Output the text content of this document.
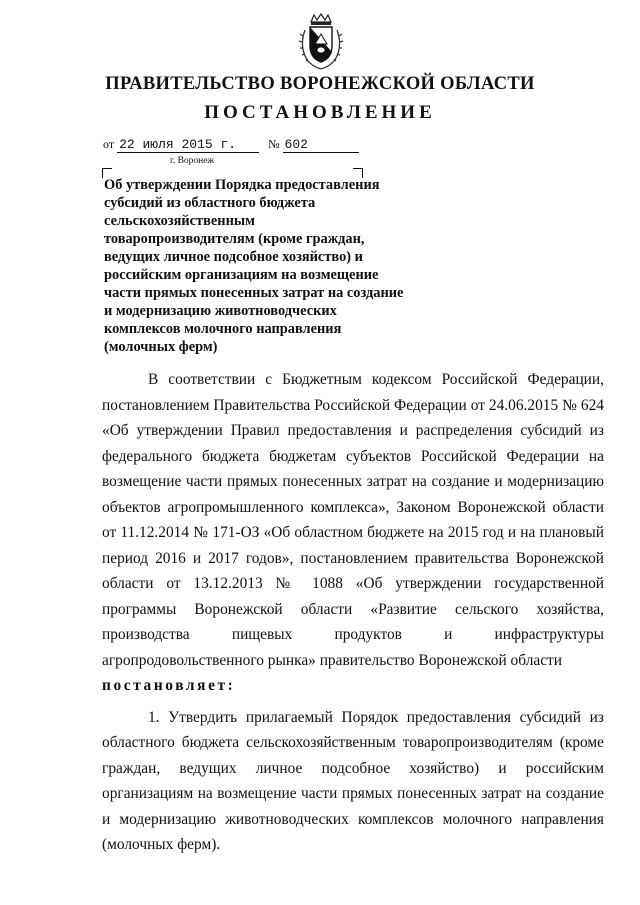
ПРАВИТЕЛЬСТВО ВОРОНЕЖСКОЙ ОБЛАСТИ
ПОСТАНОВЛЕНИЕ
от 22 июля 2015 г.	№ 602
г. Воронеж
Об утверждении Порядка предоставления субсидий из областного бюджета сельскохозяйственным товаропроизводителям (кроме граждан, ведущих личное подсобное хозяйство) и российским организациям на возмещение части прямых понесенных затрат на создание и модернизацию животноводческих комплексов молочного направления (молочных ферм)
В соответствии с Бюджетным кодексом Российской Федерации, постановлением Правительства Российской Федерации от 24.06.2015 № 624 «Об утверждении Правил предоставления и распределения субсидий из федерального бюджета бюджетам субъектов Российской Федерации на возмещение части прямых понесенных затрат на создание и модернизацию объектов агропромышленного комплекса», Законом Воронежской области от 11.12.2014 № 171-ОЗ «Об областном бюджете на 2015 год и на плановый период 2016 и 2017 годов», постановлением правительства Воронежской области от 13.12.2013 № 1088 «Об утверждении государственной программы Воронежской области «Развитие сельского хозяйства, производства пищевых продуктов и инфраструктуры агропродовольственного рынка» правительство Воронежской области
постановляет:
1. Утвердить прилагаемый Порядок предоставления субсидий из областного бюджета сельскохозяйственным товаропроизводителям (кроме граждан, ведущих личное подсобное хозяйство) и российским организациям на возмещение части прямых понесенных затрат на создание и модернизацию животноводческих комплексов молочного направления (молочных ферм).
